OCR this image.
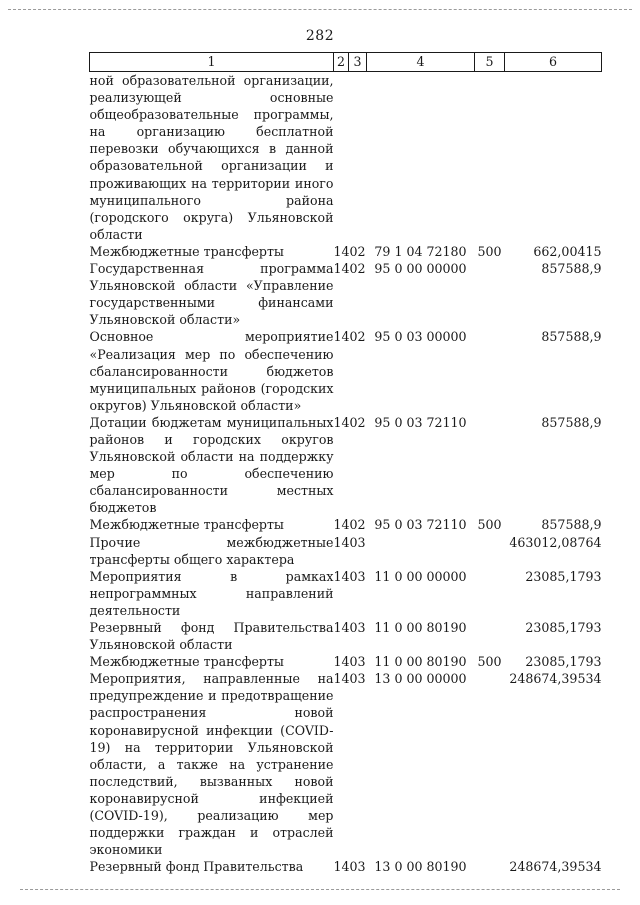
282
1	2	3	4	5	6
ной образовательной организации, реализующей основные общеобразовательные программы, на организацию бесплатной перевозки обучающихся в данной образовательной организации и проживающих на территории иного муниципального района (городского округа) Ульяновской области					
Межбюджетные трансферты	14	02	79 1 04 72180	500	662,00415
Государственная программа Ульяновской области «Управление государственными финансами Ульяновской области»	14	02	95 0 00 00000		857588,9
Основное мероприятие «Реализация мер по обеспечению сбалансированности бюджетов муниципальных районов (городских округов) Ульяновской области»	14	02	95 0 03 00000		857588,9
Дотации бюджетам муниципальных районов и городских округов Ульяновской области на поддержку мер по обеспечению сбалансированности местных бюджетов	14	02	95 0 03 72110		857588,9
Межбюджетные трансферты	14	02	95 0 03 72110	500	857588,9
Прочие межбюджетные трансферты общего характера	14	03			463012,08764
Мероприятия в рамках непрограммных направлений деятельности	14	03	11 0 00 00000		23085,1793
Резервный фонд Правительства Ульяновской области	14	03	11 0 00 80190		23085,1793
Межбюджетные трансферты	14	03	11 0 00 80190	500	23085,1793
Мероприятия, направленные на предупреждение и предотвращение распространения новой коронавирусной инфекции (COVID-19) на территории Ульяновской области, а также на устранение последствий, вызванных новой коронавирусной инфекцией (COVID-19), реализацию мер поддержки граждан и отраслей экономики	14	03	13 0 00 00000		248674,39534
Резервный фонд Правительства	14	03	13 0 00 80190		248674,39534
